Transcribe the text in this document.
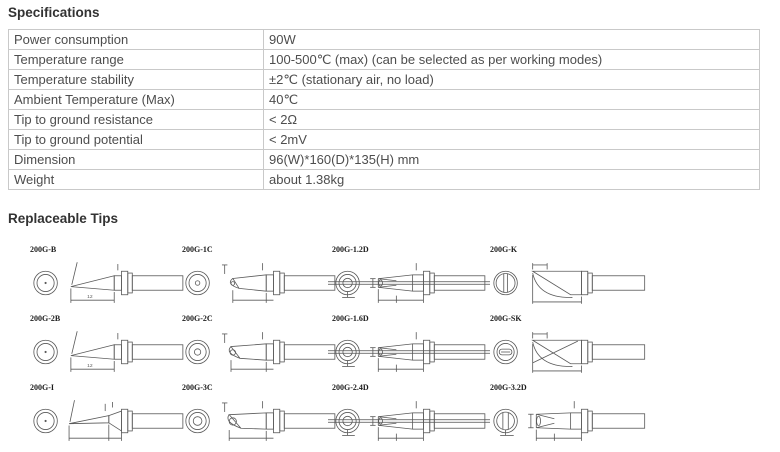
Specifications
Power consumption	90W
Temperature range	100-500℃ (max) (can be selected as per working modes)
Temperature stability	±2℃ (stationary air, no load)
Ambient Temperature (Max)	40℃
Tip to ground resistance	< 2Ω
Tip to ground potential	< 2mV
Dimension	96(W)*160(D)*135(H) mm
Weight	about 1.38kg
Replaceable Tips
200G-B
12
200G-1C	200G-1.2D	200G-K
200G-2B
12
200G-2C	200G-1.6D	200G-SK
200G-I	200G-3C	200G-2.4D	200G-3.2D
